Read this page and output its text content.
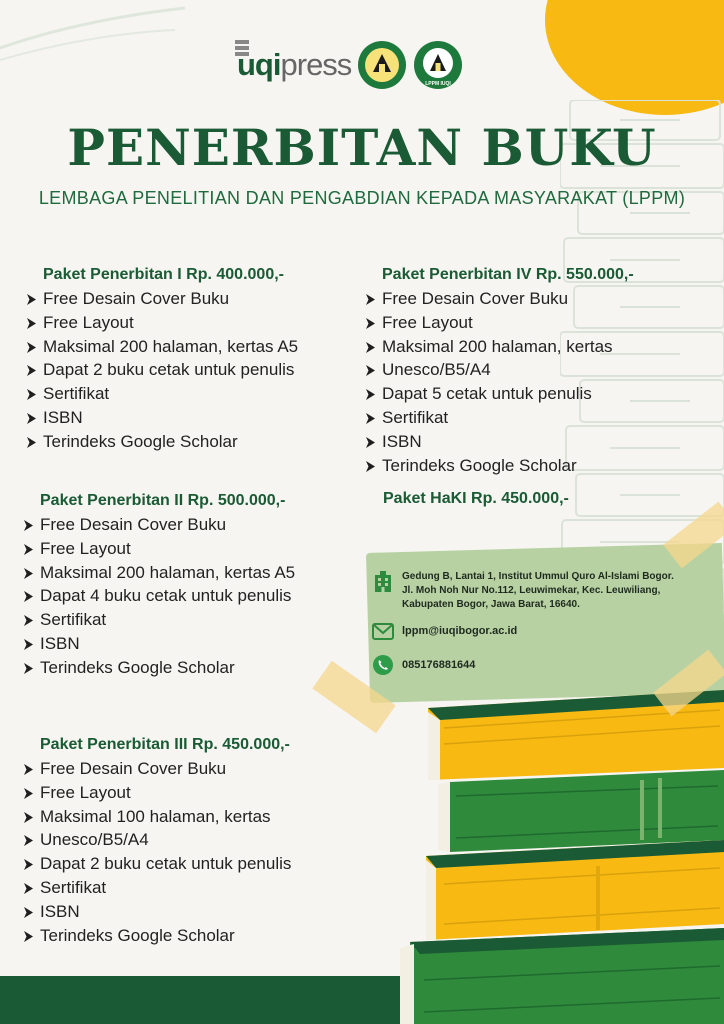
uqi press
LPPM IUQI
PENERBITAN BUKU
LEMBAGA PENELITIAN DAN PENGABDIAN KEPADA MASYARAKAT (LPPM)
Paket Penerbitan I Rp. 400.000,-
Free Desain Cover Buku
Free Layout
Maksimal 200 halaman, kertas A5
Dapat 2 buku cetak untuk penulis
Sertifikat
ISBN
Terindeks Google Scholar
Paket Penerbitan II Rp. 500.000,-
Free Desain Cover Buku
Free Layout
Maksimal 200 halaman, kertas A5
Dapat 4 buku cetak untuk penulis
Sertifikat
ISBN
Terindeks Google Scholar
Paket Penerbitan III Rp. 450.000,-
Free Desain Cover Buku
Free Layout
Maksimal 100 halaman, kertas
Unesco/B5/A4
Dapat 2 buku cetak untuk penulis
Sertifikat
ISBN
Terindeks Google Scholar
Paket Penerbitan IV Rp. 550.000,-
Free Desain Cover Buku
Free Layout
Maksimal 200 halaman, kertas
Unesco/B5/A4
Dapat 5 cetak untuk penulis
Sertifikat
ISBN
Terindeks Google Scholar
Paket HaKI Rp. 450.000,-
Gedung B, Lantai 1, Institut Ummul Quro Al-Islami Bogor.
Jl. Moh Noh Nur No.112, Leuwimekar, Kec. Leuwiliang,
Kabupaten Bogor, Jawa Barat, 16640.
lppm@iuqibogor.ac.id
085176881644
